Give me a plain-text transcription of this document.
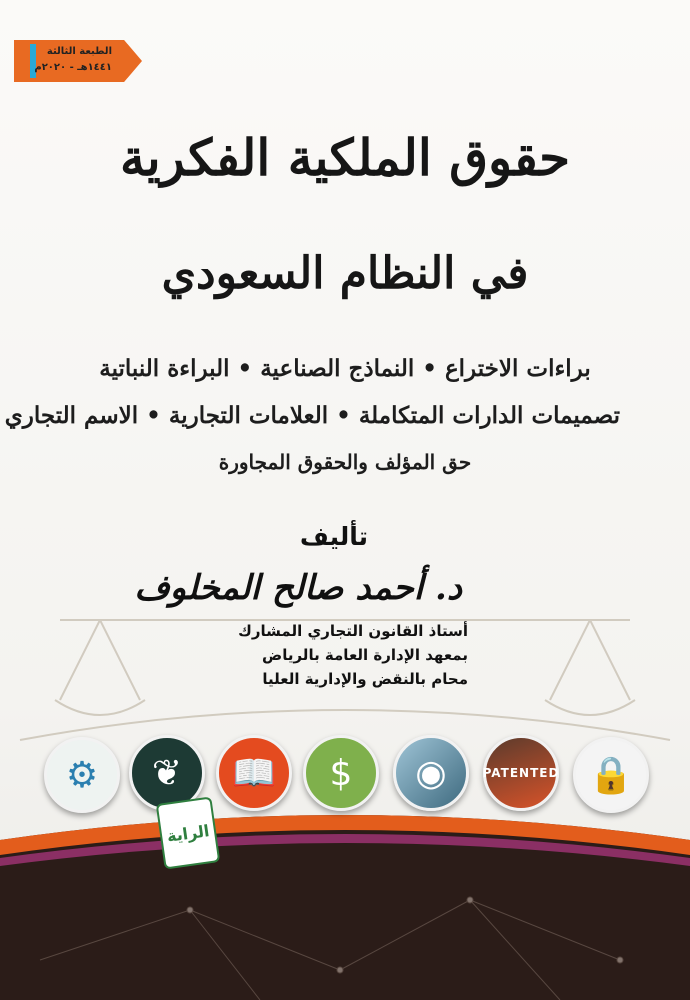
الطبعة الثالثة
١٤٤١هـ - ٢٠٢٠م
حقوق الملكية الفكرية
في النظام السعودي
براءات الاختراع • النماذج الصناعية • البراءة النباتية
تصميمات الدارات المتكاملة • العلامات التجارية • الاسم التجاري
حق المؤلف والحقوق المجاورة
تأليف
د. أحمد صالح المخلوف
أستاذ القانون التجاري المشارك
بمعهد الإدارة العامة بالرياض
محام بالنقض والإدارية العليا
⚙ ❦ 📖 $ ◉	PATENTED 🔒
الراية
